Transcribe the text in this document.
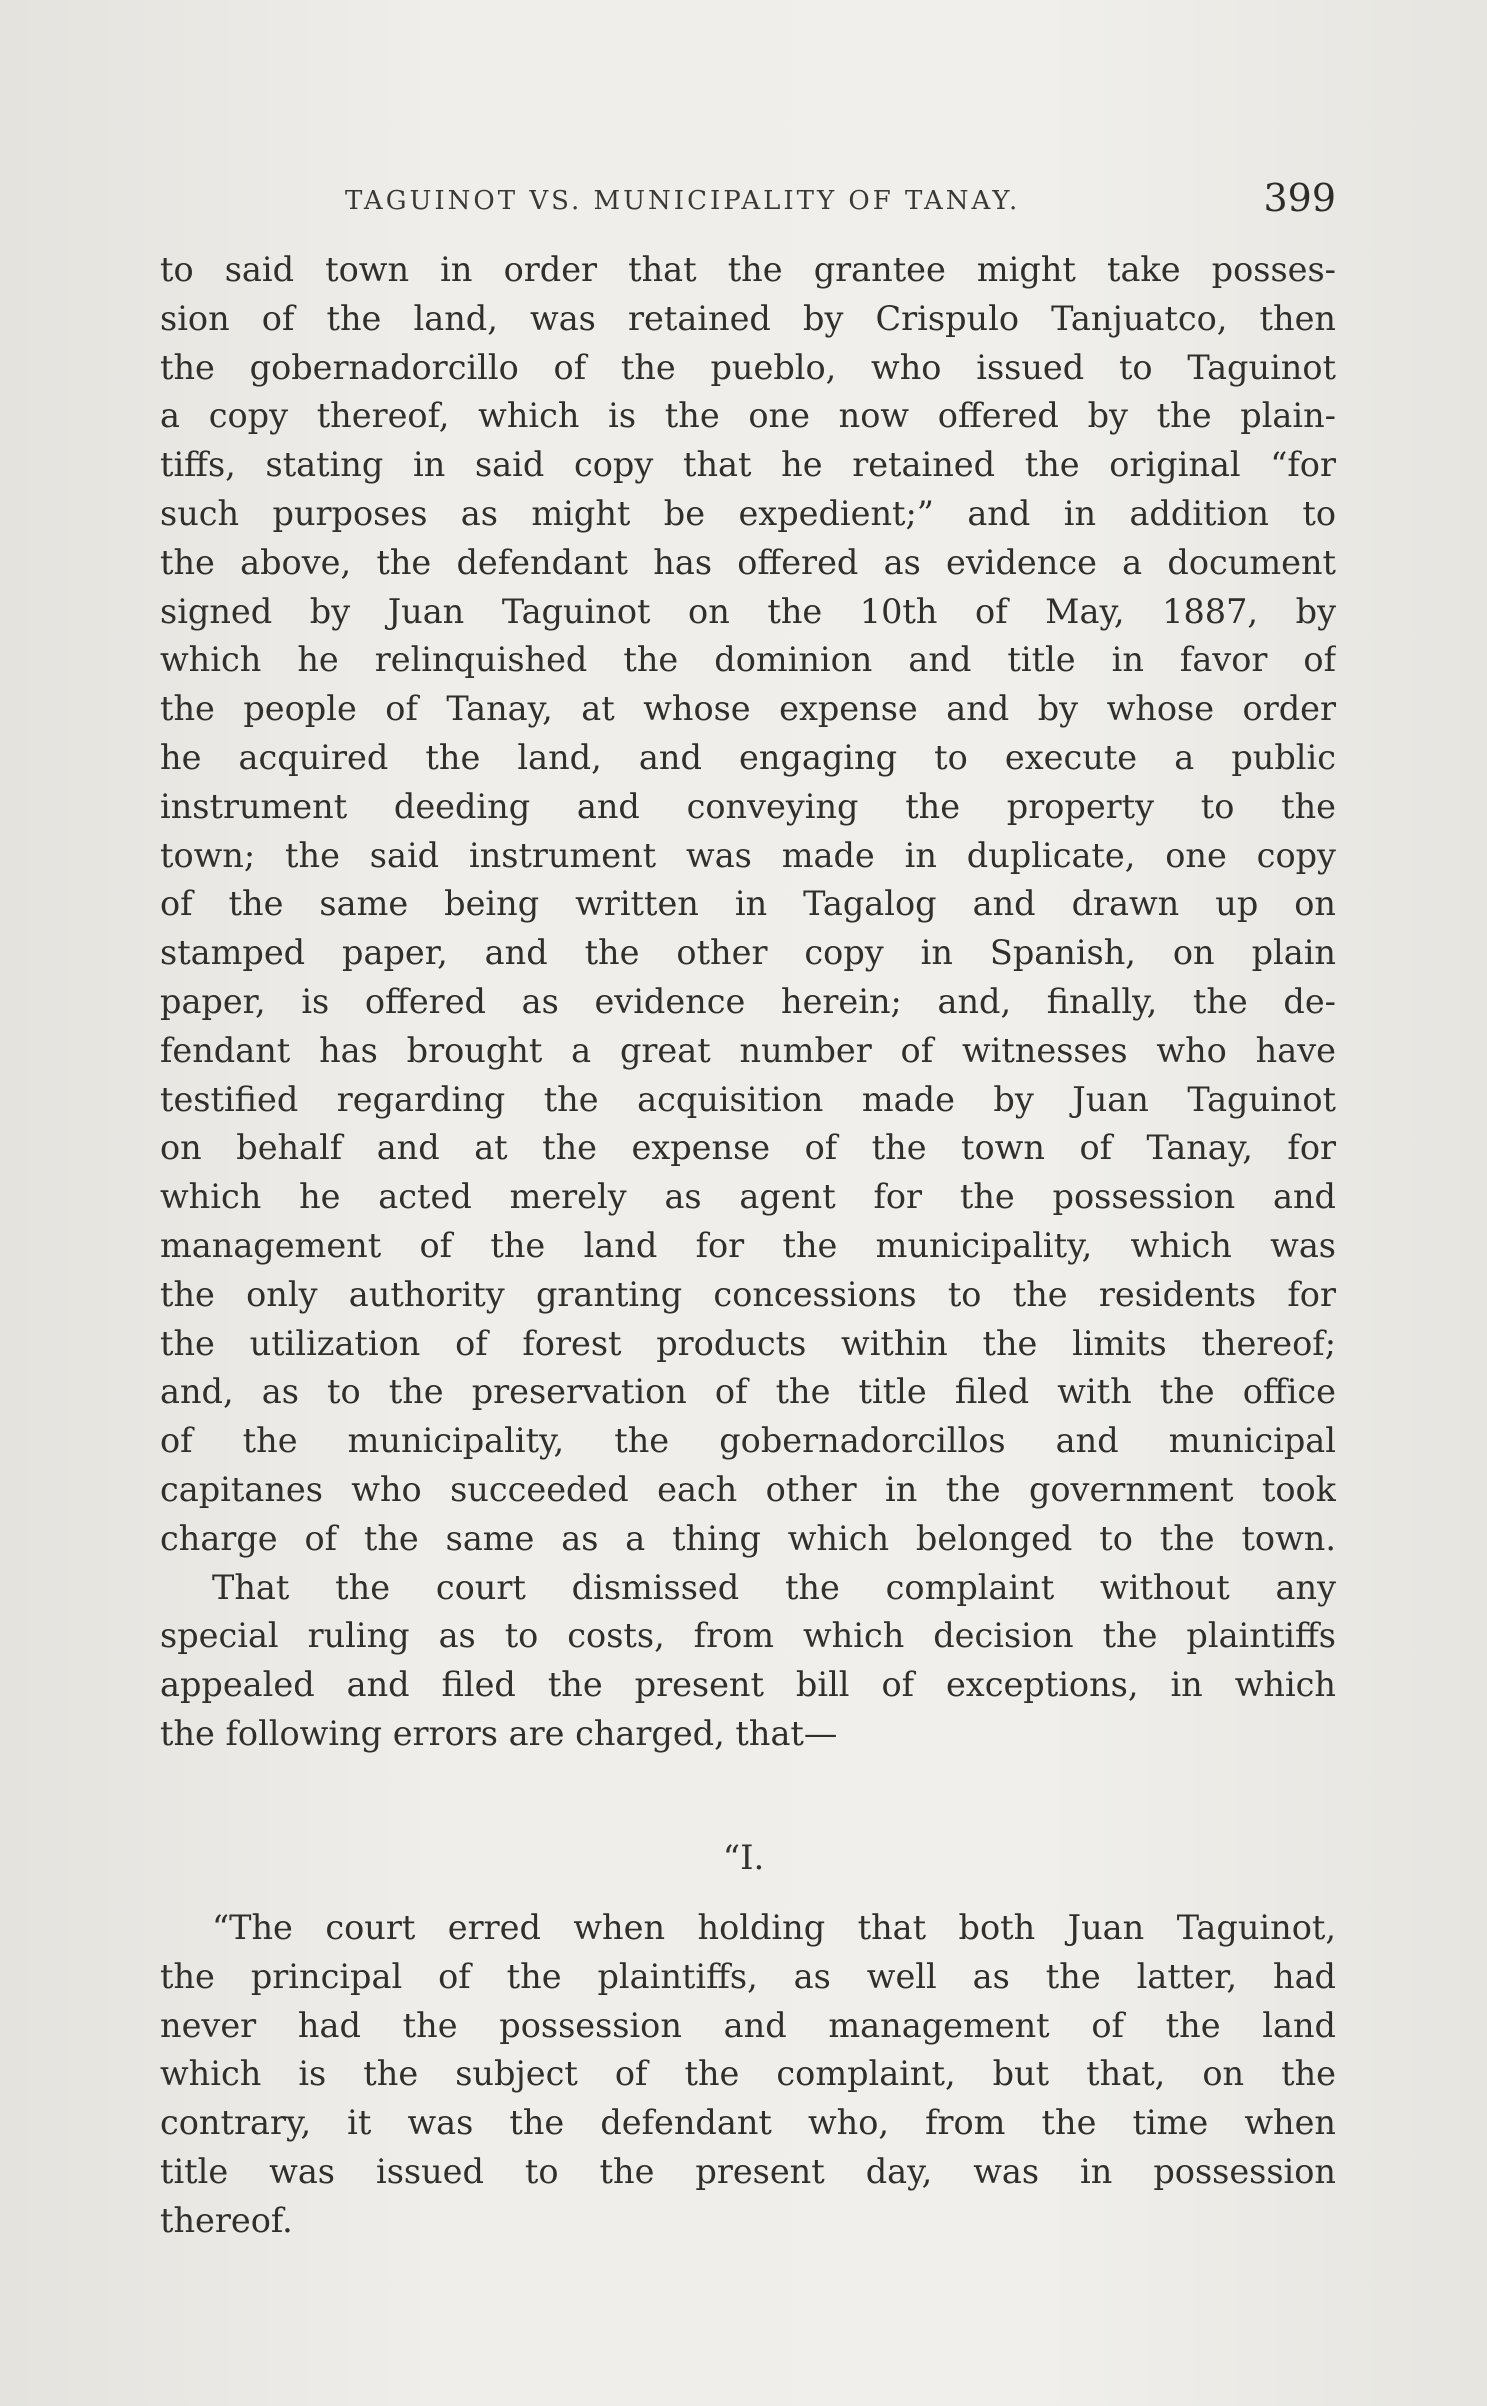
TAGUINOT VS. MUNICIPALITY OF TANAY.	399
to said town in order that the grantee might take posses-
sion of the land, was retained by Crispulo Tanjuatco, then
the gobernadorcillo of the pueblo, who issued to Taguinot
a copy thereof, which is the one now offered by the plain-
tiffs, stating in said copy that he retained the original “for
such purposes as might be expedient;” and in addition to
the above, the defendant has offered as evidence a document
signed by Juan Taguinot on the 10th of May, 1887, by
which he relinquished the dominion and title in favor of
the people of Tanay, at whose expense and by whose order
he acquired the land, and engaging to execute a public
instrument deeding and conveying the property to the
town; the said instrument was made in duplicate, one copy
of the same being written in Tagalog and drawn up on
stamped paper, and the other copy in Spanish, on plain
paper, is offered as evidence herein; and, finally, the de-
fendant has brought a great number of witnesses who have
testified regarding the acquisition made by Juan Taguinot
on behalf and at the expense of the town of Tanay, for
which he acted merely as agent for the possession and
management of the land for the municipality, which was
the only authority granting concessions to the residents for
the utilization of forest products within the limits thereof;
and, as to the preservation of the title filed with the office
of the municipality, the gobernadorcillos and municipal
capitanes who succeeded each other in the government took
charge of the same as a thing which belonged to the town.
That the court dismissed the complaint without any
special ruling as to costs, from which decision the plaintiffs
appealed and filed the present bill of exceptions, in which
the following errors are charged, that—
“I.
“The court erred when holding that both Juan Taguinot,
the principal of the plaintiffs, as well as the latter, had
never had the possession and management of the land
which is the subject of the complaint, but that, on the
contrary, it was the defendant who, from the time when
title was issued to the present day, was in possession
thereof.
